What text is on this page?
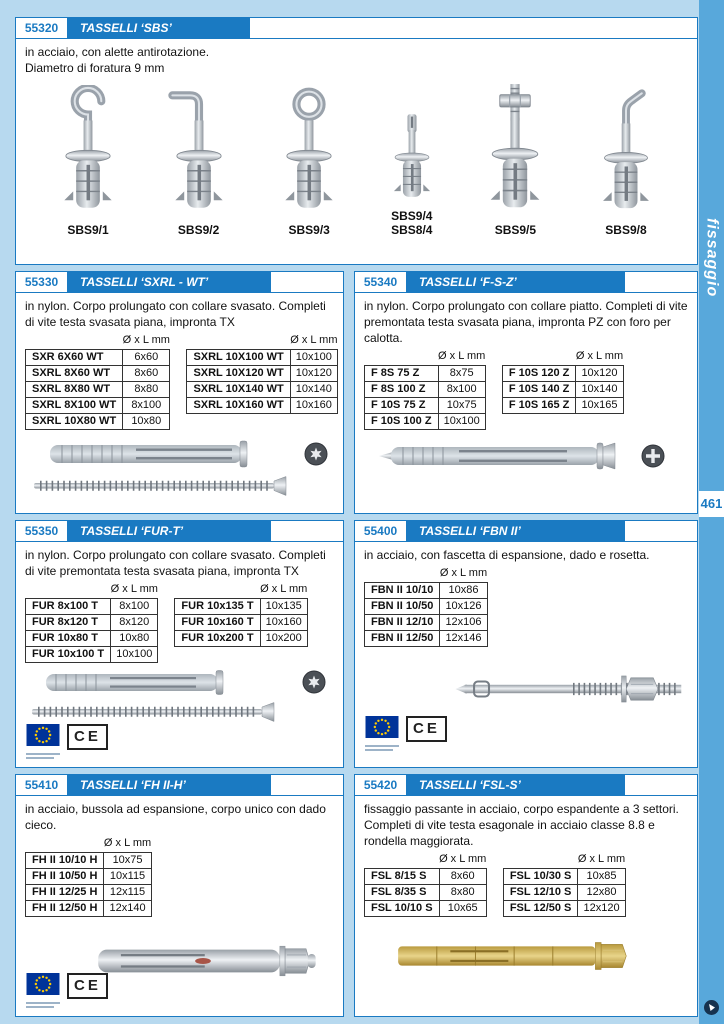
55320	TASSELLI ‘SBS’
in acciaio, con alette antirotazione.
Diametro di foratura 9 mm
SBS9/1	SBS9/2	SBS9/3
SBS9/4
SBS8/4	SBS9/5	SBS9/8
55330	TASSELLI ‘SXRL - WT’
in nylon. Corpo prolungato con collare svasato. Completi di vite testa svasata piana, impronta TX
	Ø x L mm
SXR 6X60 WT	6x60
SXRL 8X60 WT	8x60
SXRL 8X80 WT	8x80
SXRL 8X100 WT	8x100
SXRL 10X80 WT	10x80
	Ø x L mm
SXRL 10X100 WT	10x100
SXRL 10X120 WT	10x120
SXRL 10X140 WT	10x140
SXRL 10X160 WT	10x160
55340	TASSELLI ‘F-S-Z’
in nylon. Corpo prolungato con collare piatto. Completi di vite premontata testa svasata piana, impronta PZ con foro per calotta.
	Ø x L mm
F 8S 75 Z	8x75
F 8S 100 Z	8x100
F 10S 75 Z	10x75
F 10S 100 Z	10x100
	Ø x L mm
F 10S 120 Z	10x120
F 10S 140 Z	10x140
F 10S 165 Z	10x165
55350	TASSELLI ‘FUR-T’
in nylon. Corpo prolungato con collare svasato. Completi di vite premontata testa svasata piana, impronta TX
	Ø x L mm
FUR 8x100 T	8x100
FUR 8x120 T	8x120
FUR 10x80 T	10x80
FUR 10x100 T	10x100
	Ø x L mm
FUR 10x135 T	10x135
FUR 10x160 T	10x160
FUR 10x200 T	10x200
CE
55400	TASSELLI ‘FBN II’
in acciaio, con fascetta di espansione, dado e rosetta.
	Ø x L mm
FBN II 10/10	10x86
FBN II 10/50	10x126
FBN II 12/10	12x106
FBN II 12/50	12x146
CE
55410	TASSELLI ‘FH II-H’
in acciaio, bussola ad espansione, corpo unico con dado cieco.
	Ø x L mm
FH II 10/10 H	10x75
FH II 10/50 H	10x115
FH II 12/25 H	12x115
FH II 12/50 H	12x140
CE
55420	TASSELLI ‘FSL-S’
fissaggio passante in acciaio, corpo espandente a 3 settori. Completi di vite testa esagonale in acciaio classe 8.8 e rondella maggiorata.
	Ø x L mm
FSL 8/15 S	8x60
FSL 8/35 S	8x80
FSL 10/10 S	10x65
	Ø x L mm
FSL 10/30 S	10x85
FSL 12/10 S	12x80
FSL 12/50 S	12x120
fissaggio
461
